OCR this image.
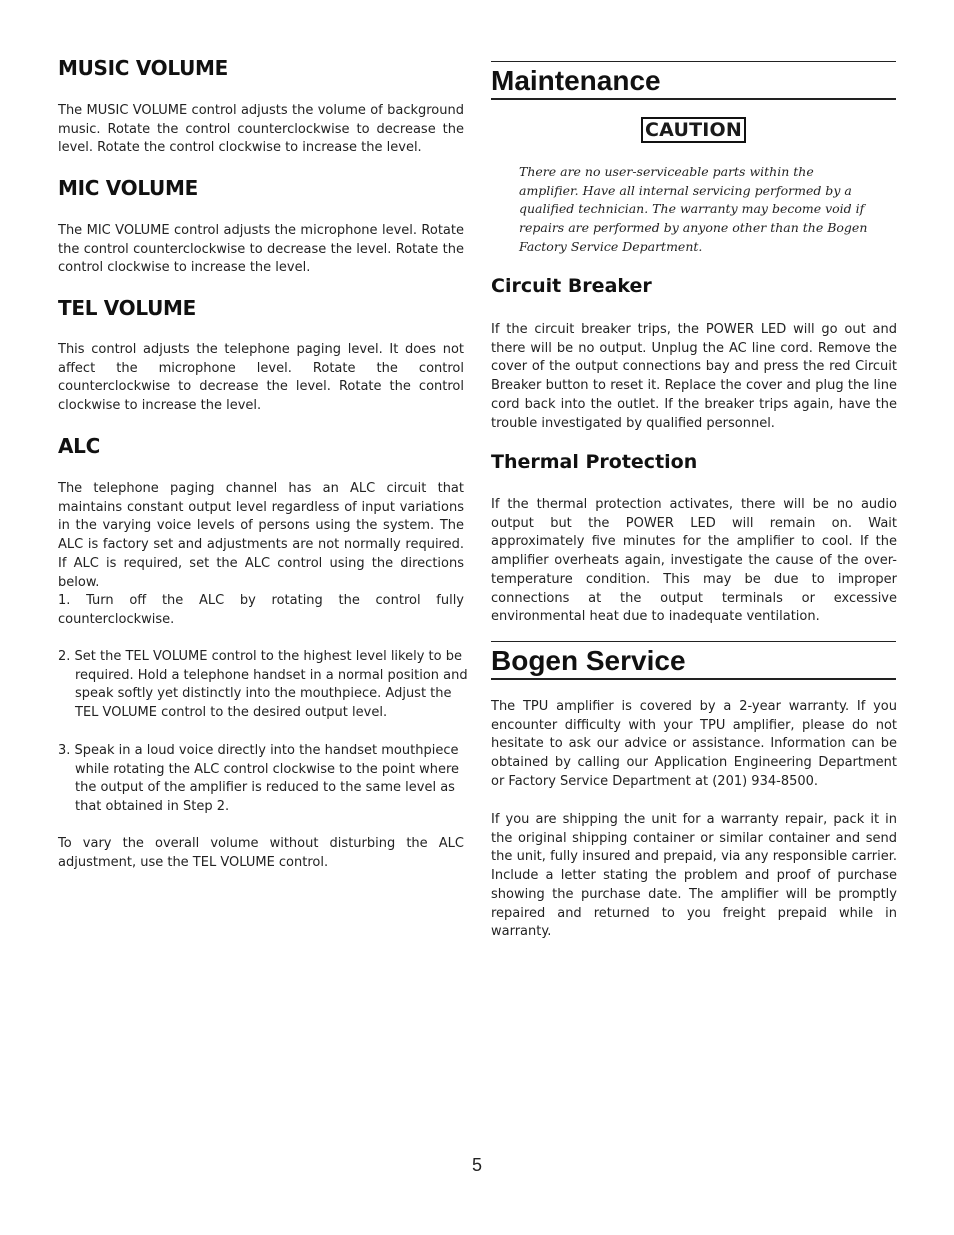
MUSIC VOLUME

The MUSIC VOLUME control adjusts the volume of background music. Rotate the control counterclockwise to decrease the level. Rotate the control clockwise to increase the level.

MIC VOLUME

The MIC VOLUME control adjusts the microphone level. Rotate the control counterclockwise to decrease the level. Rotate the control clockwise to increase the level.

TEL VOLUME

This control adjusts the telephone paging level. It does not affect the microphone level. Rotate the control counterclockwise to decrease the level. Rotate the control clockwise to increase the level.

ALC

The telephone paging channel has an ALC circuit that maintains constant output level regardless of input variations in the varying voice levels of persons using the system. The ALC is factory set and adjustments are not normally required. If ALC is required, set the ALC control using the directions below.

1. Turn off the ALC by rotating the control fully counterclockwise.

2. Set the TEL VOLUME control to the highest level likely to be required. Hold a telephone handset in a normal position and speak softly yet distinctly into the mouthpiece. Adjust the TEL VOLUME control to the desired output level.

3. Speak in a loud voice directly into the handset mouthpiece while rotating the ALC control clockwise to the point where the output of the amplifier is reduced to the same level as that obtained in Step 2.

To vary the overall volume without disturbing the ALC adjustment, use the TEL VOLUME control.

Maintenance
CAUTION

There are no user-serviceable parts within the amplifier. Have all internal servicing performed by a qualified technician. The warranty may become void if repairs are performed by anyone other than the Bogen Factory Service Department.

Circuit Breaker

If the circuit breaker trips, the POWER LED will go out and there will be no output. Unplug the AC line cord. Remove the cover of the output connections bay and press the red Circuit Breaker button to reset it. Replace the cover and plug the line cord back into the outlet. If the breaker trips again, have the trouble investigated by qualified personnel.

Thermal Protection

If the thermal protection activates, there will be no audio output but the POWER LED will remain on. Wait approximately five minutes for the amplifier to cool. If the amplifier overheats again, investigate the cause of the over-temperature condition. This may be due to improper connections at the output terminals or excessive environmental heat due to inadequate ventilation.

Bogen Service

The TPU amplifier is covered by a 2-year warranty. If you encounter difficulty with your TPU amplifier, please do not hesitate to ask our advice or assistance. Information can be obtained by calling our Application Engineering Department or Factory Service Department at (201) 934-8500.

If you are shipping the unit for a warranty repair, pack it in the original shipping container or similar container and send the unit, fully insured and prepaid, via any responsible carrier. Include a letter stating the problem and proof of purchase showing the purchase date. The amplifier will be promptly repaired and returned to you freight prepaid while in warranty.

5
